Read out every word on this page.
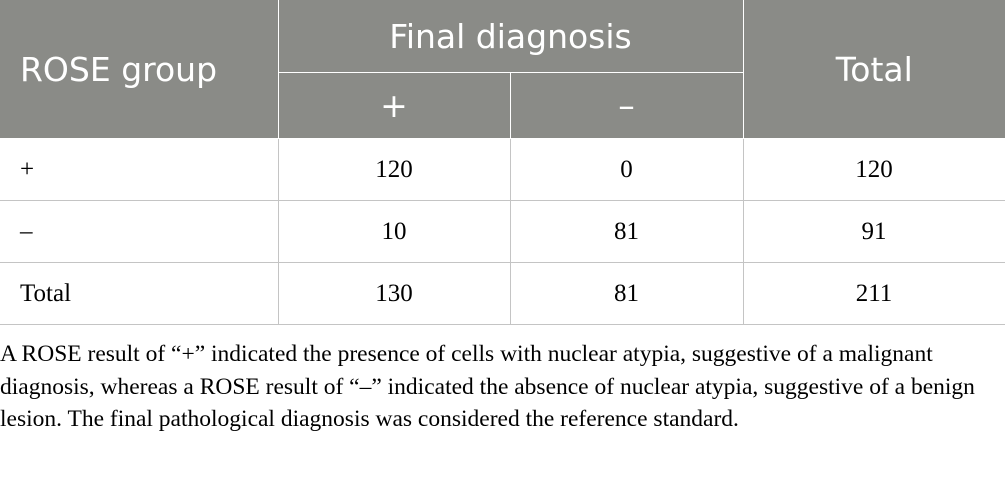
ROSE group	Final diagnosis		Total
	+	–	
+	120	0	120
–	10	81	91
Total	130	81	211

A ROSE result of “+” indicated the presence of cells with nuclear atypia, suggestive of a malignant diagnosis, whereas a ROSE result of “–” indicated the absence of nuclear atypia, suggestive of a benign lesion. The final pathological diagnosis was considered the reference standard.
